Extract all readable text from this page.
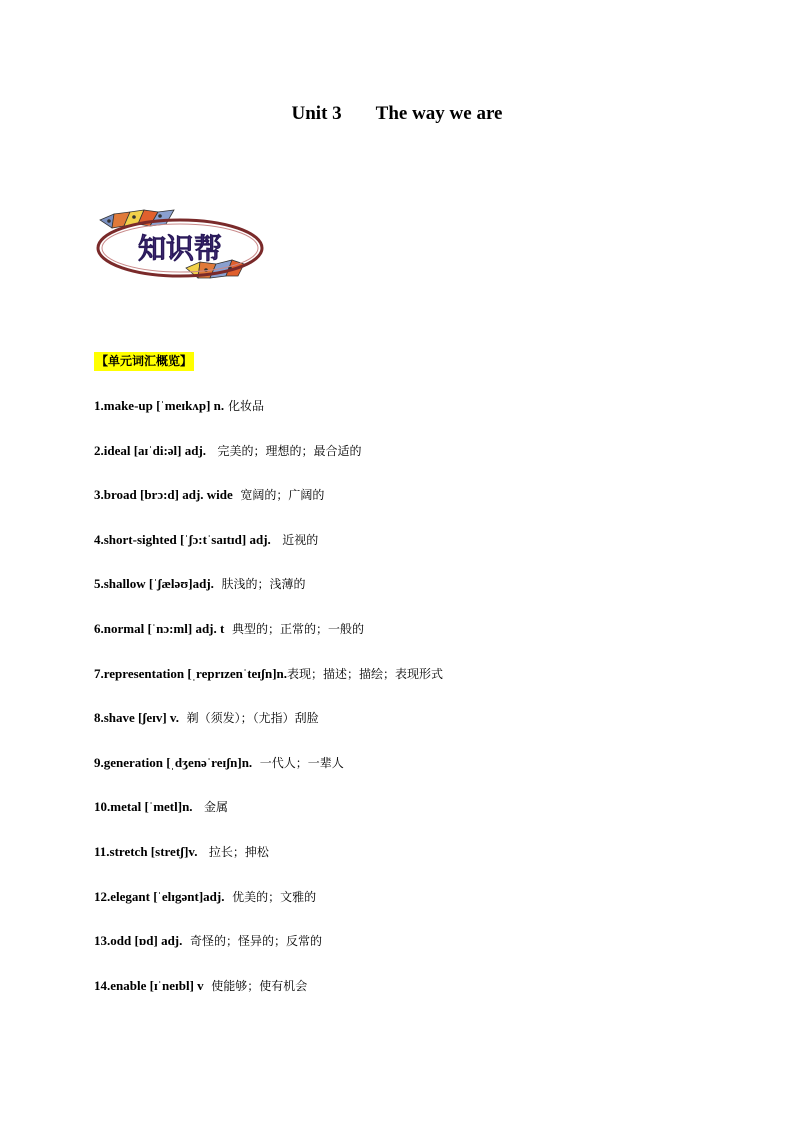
Unit 3 The way we are
知识帮
【单元词汇概览】
1.make-up [ˈmeɪkʌp] n. 化妆品
2.ideal [aɪˈdi:əl] adj.   完美的；理想的；最合适的
3.broad [brɔ:d] adj. wide  宽阔的；广阔的
4.short-sighted [ˈʃɔ:tˈsaɪtɪd] adj.   近视的
5.shallow [ˈʃæləʊ]adj.  肤浅的；浅薄的
6.normal [ˈnɔ:ml] adj. t  典型的；正常的；一般的
7.representation [ˌreprɪzenˈteɪʃn]n.表现；描述；描绘；表现形式
8.shave [ʃeɪv] v.  剃（须发）；（尤指）刮脸
9.generation [ˌdʒenəˈreɪʃn]n.  一代人；一辈人
10.metal [ˈmetl]n.   金属
11.stretch [stretʃ]v.   拉长；抻松
12.elegant [ˈelɪgənt]adj.  优美的；文雅的
13.odd [ɒd] adj.  奇怪的；怪异的；反常的
14.enable [ɪˈneɪbl] v  使能够；使有机会
